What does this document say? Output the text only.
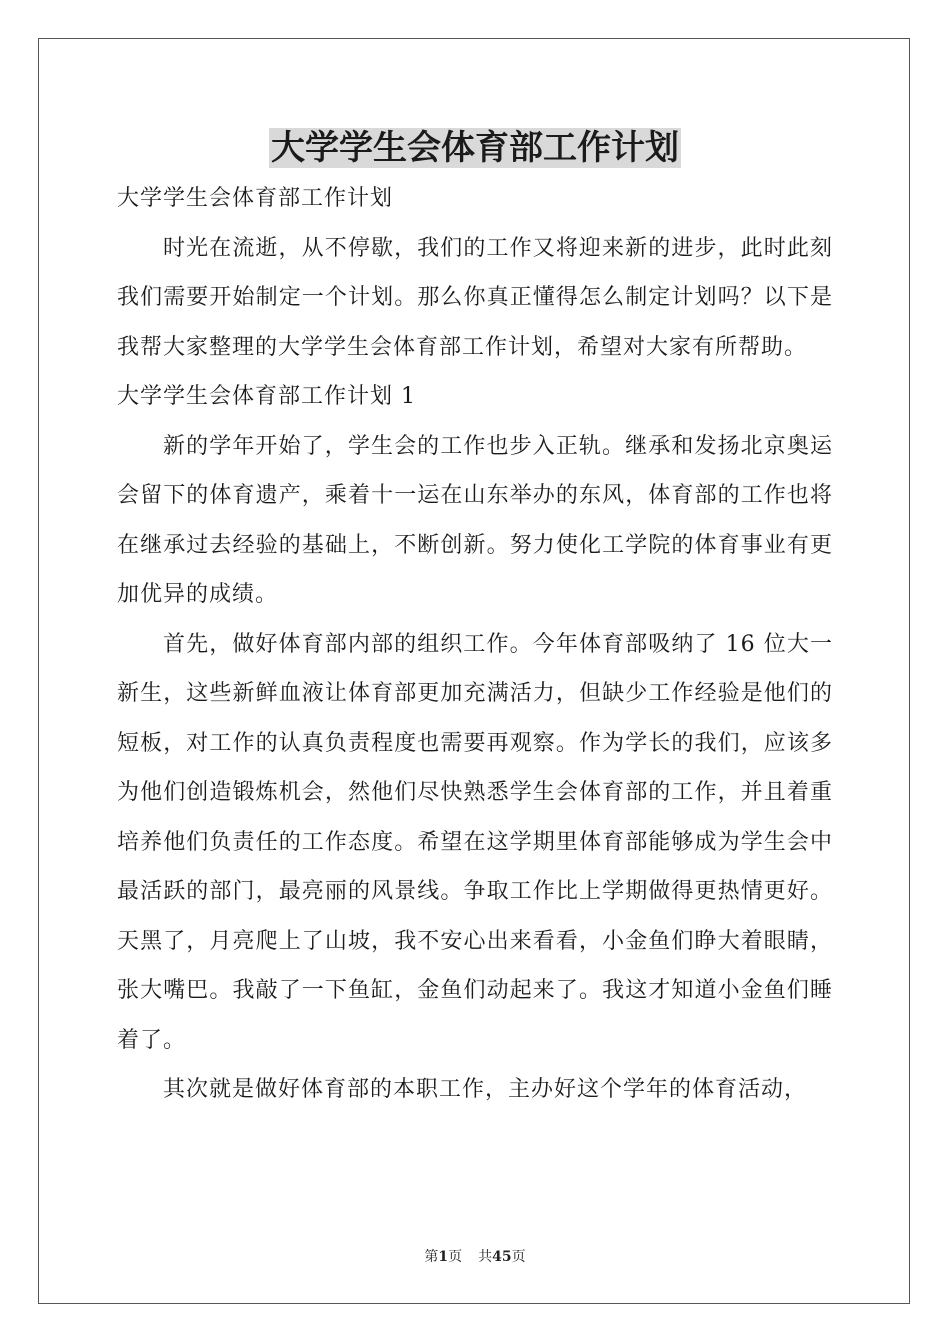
大学学生会体育部工作计划

大学学生会体育部工作计划

时光在流逝，从不停歇，我们的工作又将迎来新的进步，此时此刻我们需要开始制定一个计划。那么你真正懂得怎么制定计划吗？以下是我帮大家整理的大学学生会体育部工作计划，希望对大家有所帮助。

大学学生会体育部工作计划 1

新的学年开始了，学生会的工作也步入正轨。继承和发扬北京奥运会留下的体育遗产，乘着十一运在山东举办的东风，体育部的工作也将在继承过去经验的基础上，不断创新。努力使化工学院的体育事业有更加优异的成绩。

首先，做好体育部内部的组织工作。今年体育部吸纳了 16 位大一新生，这些新鲜血液让体育部更加充满活力，但缺少工作经验是他们的短板，对工作的认真负责程度也需要再观察。作为学长的我们，应该多为他们创造锻炼机会，然他们尽快熟悉学生会体育部的工作，并且着重培养他们负责任的工作态度。希望在这学期里体育部能够成为学生会中最活跃的部门，最亮丽的风景线。争取工作比上学期做得更热情更好。天黑了，月亮爬上了山坡，我不安心出来看看，小金鱼们睁大着眼睛，张大嘴巴。我敲了一下鱼缸，金鱼们动起来了。我这才知道小金鱼们睡着了。

其次就是做好体育部的本职工作，主办好这个学年的体育活动，

第1页 共45页
